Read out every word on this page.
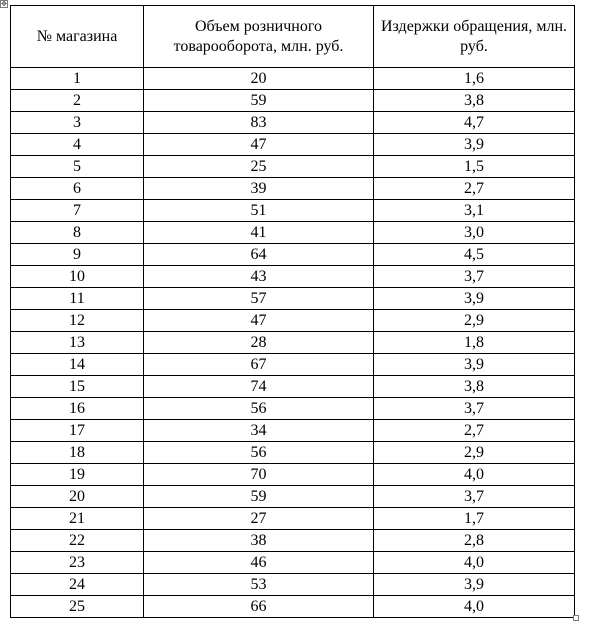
✥
№ магазина	Объем розничного товарооборота, млн. руб.	Издержки обращения, млн. руб.
1	20	1,6
2	59	3,8
3	83	4,7
4	47	3,9
5	25	1,5
6	39	2,7
7	51	3,1
8	41	3,0
9	64	4,5
10	43	3,7
11	57	3,9
12	47	2,9
13	28	1,8
14	67	3,9
15	74	3,8
16	56	3,7
17	34	2,7
18	56	2,9
19	70	4,0
20	59	3,7
21	27	1,7
22	38	2,8
23	46	4,0
24	53	3,9
25	66	4,0
